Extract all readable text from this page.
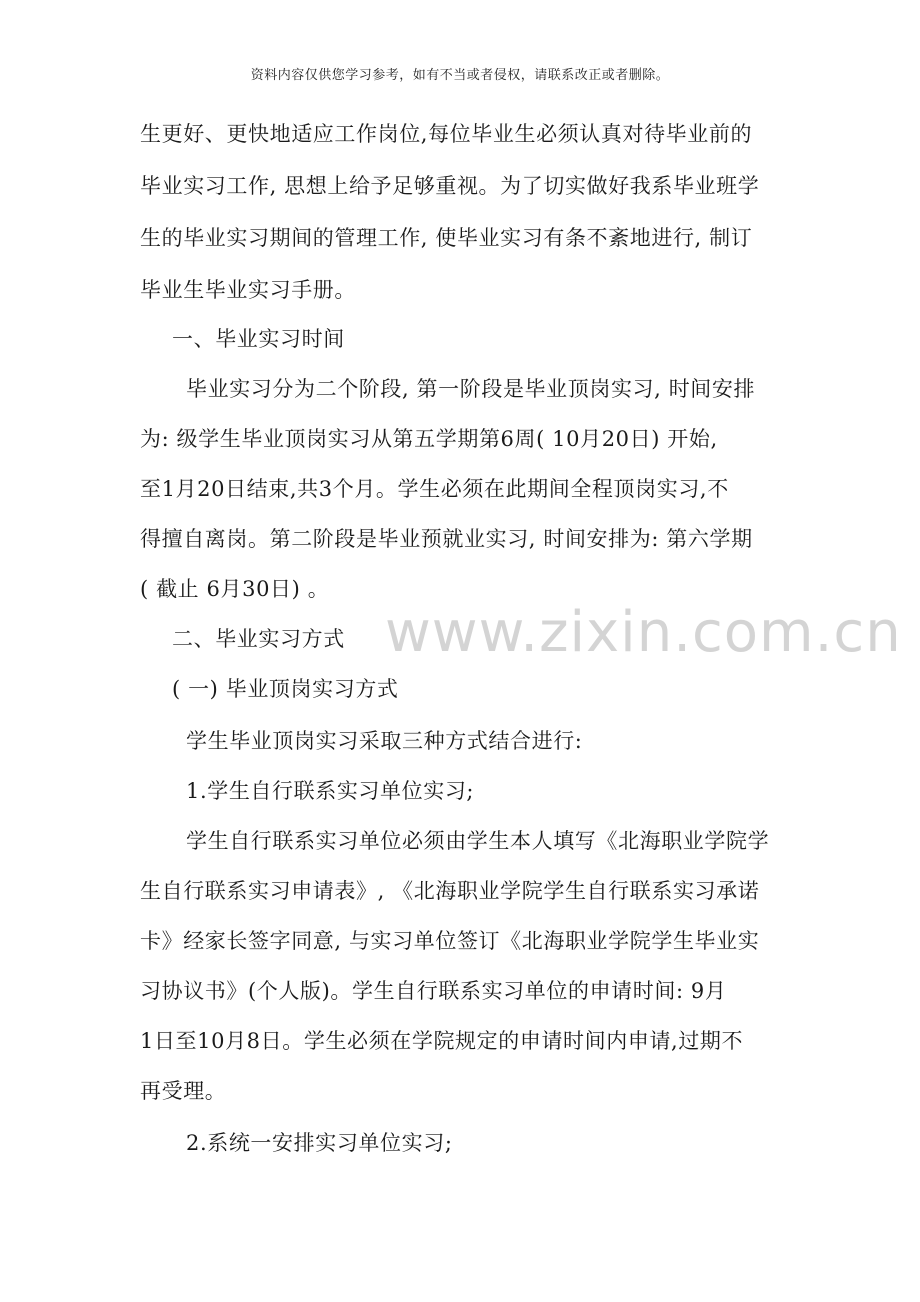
资料内容仅供您学习参考，如有不当或者侵权，请联系改正或者删除。
生更好、更快地适应工作岗位,每位毕业生必须认真对待毕业前的
毕业实习工作, 思想上给予足够重视。为了切实做好我系毕业班学
生的毕业实习期间的管理工作, 使毕业实习有条不紊地进行, 制订
毕业生毕业实习手册。
一、毕业实习时间
毕业实习分为二个阶段, 第一阶段是毕业顶岗实习, 时间安排
为: 级学生毕业顶岗实习从第五学期第6周( 10月20日) 开始,
至1月20日结束,共3个月。学生必须在此期间全程顶岗实习,不
得擅自离岗。第二阶段是毕业预就业实习, 时间安排为: 第六学期
( 截止 6月30日) 。
二、毕业实习方式
( 一) 毕业顶岗实习方式
学生毕业顶岗实习采取三种方式结合进行:
1.学生自行联系实习单位实习;
学生自行联系实习单位必须由学生本人填写《北海职业学院学
生自行联系实习申请表》, 《北海职业学院学生自行联系实习承诺
卡》经家长签字同意, 与实习单位签订《北海职业学院学生毕业实
习协议书》(个人版)。学生自行联系实习单位的申请时间: 9月
1日至10月8日。学生必须在学院规定的申请时间内申请,过期不
再受理。
2.系统一安排实习单位实习;
www.zixin.com.cn
